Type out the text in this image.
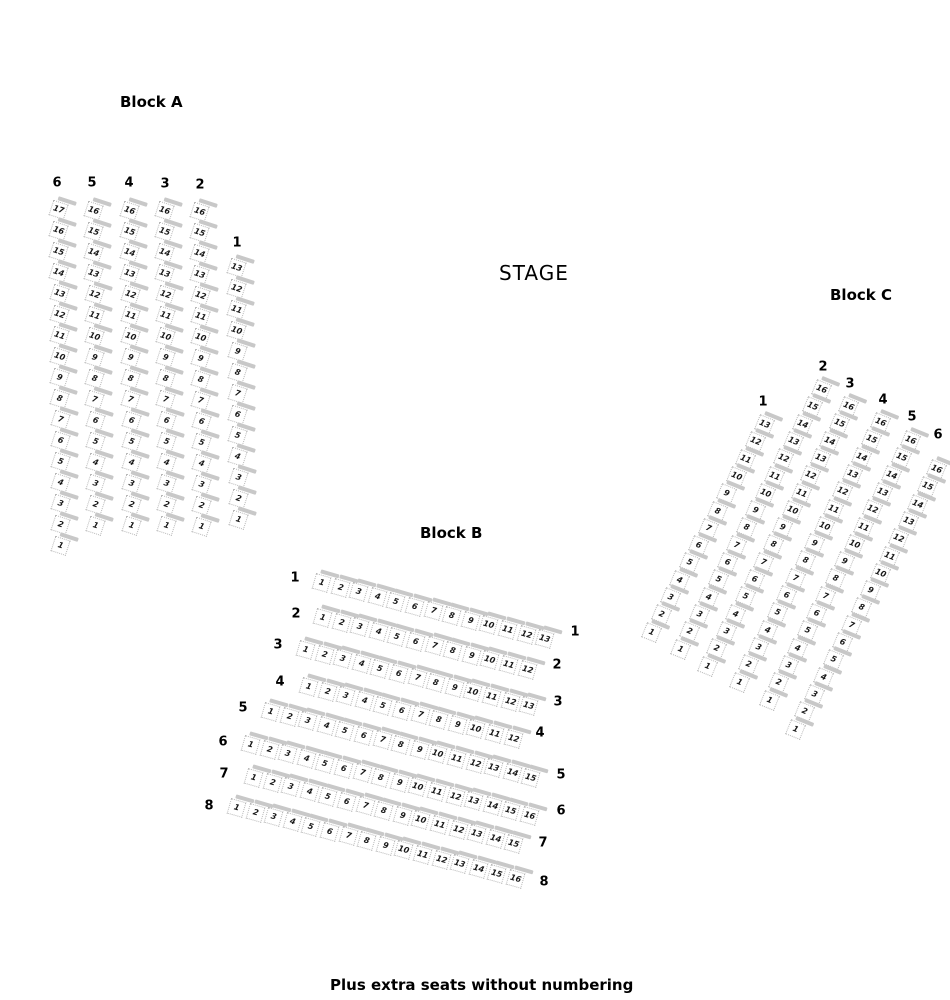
Block A
Block B
Block C
STAGE
Plus extra seats without numbering
6
17
16
15
14
13
12
11
10
9
8
7
6
5
4
3
2
1
5
16
15
14
13
12
11
10
9
8
7
6
5
4
3
2
1
4
16
15
14
13
12
11
10
9
8
7
6
5
4
3
2
1
3
16
15
14
13
12
11
10
9
8
7
6
5
4
3
2
1
2
16
15
14
13
12
11
10
9
8
7
6
5
4
3
2
1
1
13
12
11
10
9
8
7
6
5
4
3
2
1
1
1
1	2	3	4	5	6	7	8	9	10 11 12 13
2
2
1	2	3	4	5	6	7	8	9	10 11 12
3
3
1	2	3	4	5	6	7	8	9	10 11 12 13
4
4
1	2	3	4	5	6	7	8	9	10 11 12
5
5
1	2	3	4	5	6	7	8	9	10 11 12 13 14 15
6
6
1	2	3	4	5	6	7	8	9	10 11 12 13 14 15 16
7
7
1	2	3	4	5	6	7	8	9	10 11 12 13 14 15
8
8
1	2	3	4	5	6	7	8	9	10 11 12 13 14 15 16
1
13
12
11
10
9
8
7
6
5
4
3
2
1
2
16
15
14
13
12
11
10
9
8
7
6
5
4
3
2
1
3
16
15
14
13
12
11
10
9
8
7
6
5
4
3
2
1
4
16
15
14
13
12
11
10
9
8
7
6
5
4
3
2
1
5
16
15
14
13
12
11
10
9
8
7
6
5
4
3
2
1
6
16
15
14
13
12
11
10
9
8
7
6
5
4
3
2
1
